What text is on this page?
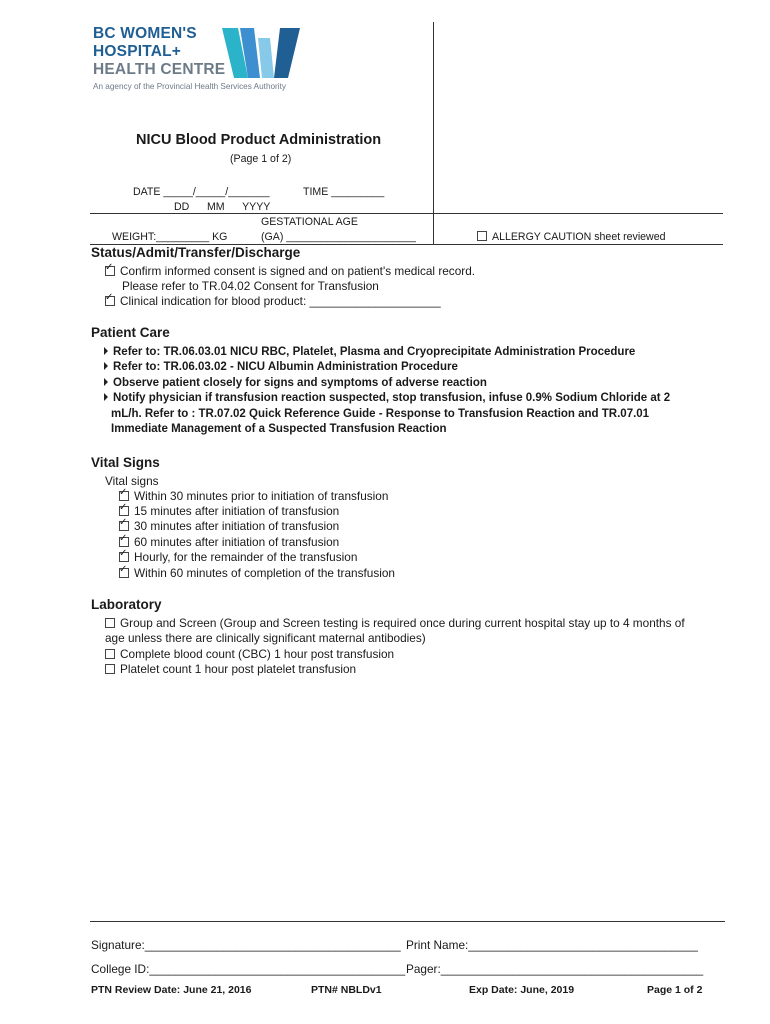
BC WOMEN'S
HOSPITAL+
HEALTH CENTRE
An agency of the Provincial Health Services Authority
NICU Blood Product Administration
(Page 1 of 2)
DATE _____/_____/_______
DD      MM      YYYY
TIME _________
GESTATIONAL AGE
WEIGHT:_________ KG	(GA) ______________________	ALLERGY CAUTION sheet reviewed
Status/Admit/Transfer/Discharge
✓Confirm informed consent is signed and on patient's medical record.
Please refer to TR.04.02 Consent for Transfusion
✓Clinical indication for blood product: ____________________
Patient Care
Refer to: TR.06.03.01 NICU RBC, Platelet, Plasma and Cryoprecipitate Administration Procedure
Refer to: TR.06.03.02 - NICU Albumin Administration Procedure
Observe patient closely for signs and symptoms of adverse reaction
Notify physician if transfusion reaction suspected, stop transfusion, infuse 0.9% Sodium Chloride at 2
mL/h. Refer to : TR.07.02 Quick Reference Guide - Response to Transfusion Reaction and TR.07.01
Immediate Management of a Suspected Transfusion Reaction
Vital Signs
Vital signs
✓Within 30 minutes prior to initiation of transfusion
✓15 minutes after initiation of transfusion
✓30 minutes after initiation of transfusion
✓60 minutes after initiation of transfusion
✓Hourly, for the remainder of the transfusion
✓Within 60 minutes of completion of the transfusion
Laboratory
Group and Screen (Group and Screen testing is required once during current hospital stay up to 4 months of
age unless there are clinically significant maternal antibodies)
Complete blood count (CBC) 1 hour post transfusion
Platelet count 1 hour post platelet transfusion
Signature:_______________________________________ Print Name:___________________________________
College ID:_______________________________________ Pager:________________________________________
PTN Review Date: June 21, 2016	PTN# NBLDv1	Exp Date: June, 2019	Page 1 of 2
